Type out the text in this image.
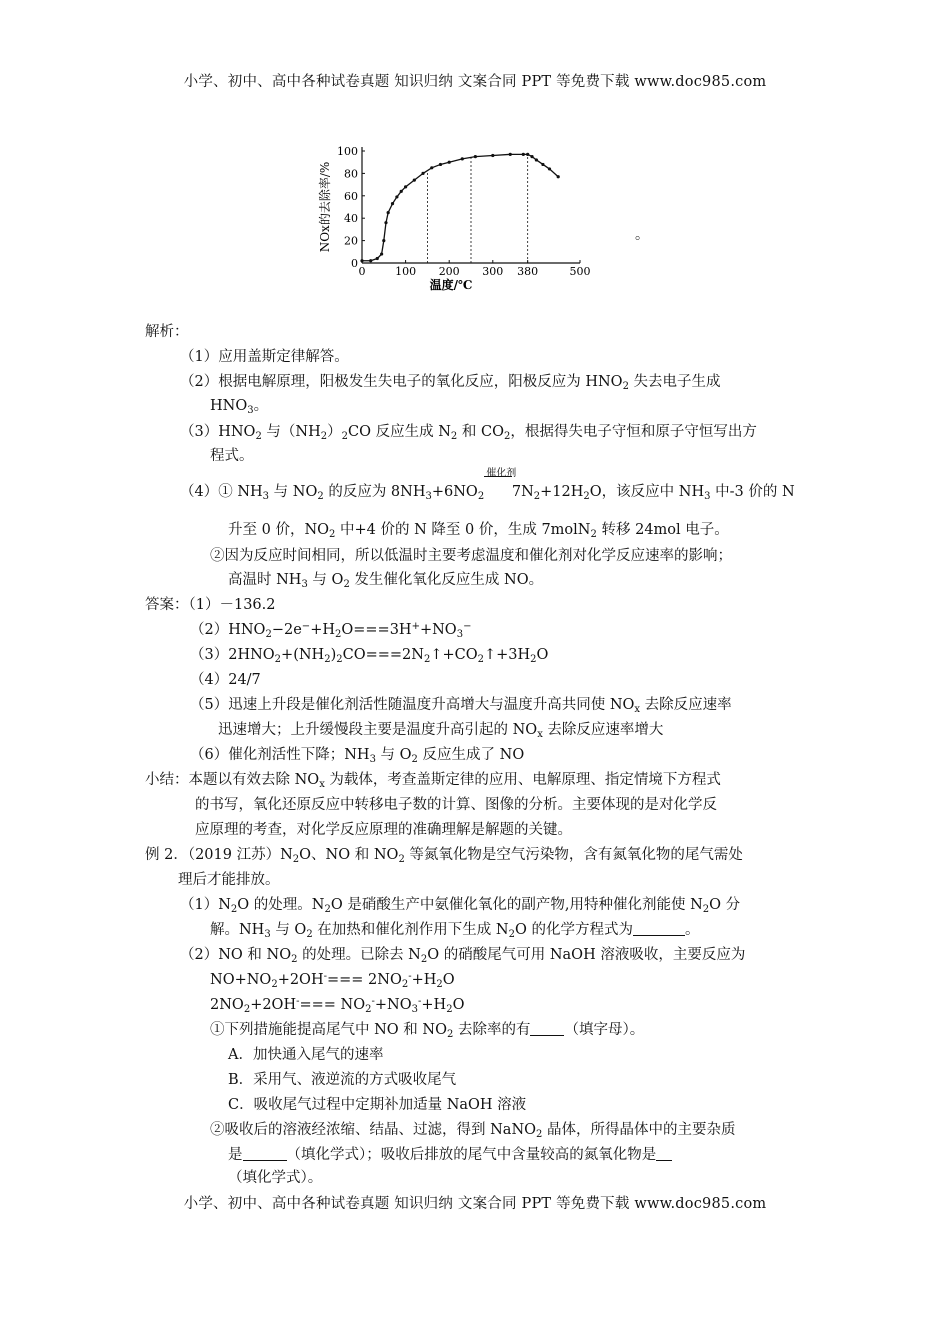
小学、初中、高中各种试卷真题 知识归纳 文案合同 PPT 等免费下载 www.doc985.com
0	100 200 300 380	500
0
20
40
60
80
100
温度/℃
NOx的去除率/%	。
解析：
（1）应用盖斯定律解答。
（2）根据电解原理，阳极发生失电子的氧化反应，阳极反应为 $HNO_2$ 失去电子生成
$HNO_3$。
$(3)HNO_2$ 与$(NH_2)_2CO$ 反应生成 $N_2$ 和 $CO_2$，根据得失电子守恒和原子守恒写出方
程式。
（4）① $NH_3$ 与 $NO_2$ 的反应为 $8NH_3+6NO_2$
催化剂
$7N_2+12H_2O$，该反应中 $NH_3$ 中-3 价的 N
升至 0 价，$NO_2$ 中+4 价的 N 降至 0 价，生成 7molN$_2$ 转移 24mol 电子。
②因为反应时间相同，所以低温时主要考虑温度和催化剂对化学反应速率的影响；
高温时 $NH_3$ 与 $O_2$ 发生催化氧化反应生成 NO。
答案：（1）－136.2
$(2)HNO_2-2e^-+H_2O===3H^++NO_3^-$
$(3)2HNO_2+(NH_2)_2CO===2N_2↑+CO_2↑+3H_2O$
（4）24/7
（5）迅速上升段是催化剂活性随温度升高增大与温度升高共同使 $NO_x$ 去除反应速率
迅速增大；上升缓慢段主要是温度升高引起的 $NO_x$ 去除反应速率增大
（6）催化剂活性下降；$NH_3$ 与 $O_2$ 反应生成了 NO
小结：本题以有效去除 $NO_x$ 为载体，考查盖斯定律的应用、电解原理、指定情境下方程式
的书写，氧化还原反应中转移电子数的计算、图像的分析。主要体现的是对化学反
应原理的考查，对化学反应原理的准确理解是解题的关键。
例 2．（2019 江苏）$N_2O$、NO 和 $NO_2$ 等氮氧化物是空气污染物，含有氮氧化物的尾气需处
理后才能排放。
$(1)N_2O$ 的处理。$N_2O$ 是硝酸生产中氨催化氧化的副产物,用特种催化剂能使 $N_2O$ 分
解。$NH_3$ 与 $O_2$ 在加热和催化剂作用下生成 $N_2O$ 的化学方程式为	。
（2）NO 和 $NO_2$ 的处理。已除去 $N_2O$ 的硝酸尾气可用 NaOH 溶液吸收，主要反应为
$NO+NO_2+2OH^-=== 2NO_2^-+H_2O$
$2NO_2+2OH^-=== NO_2^-+NO_3^-+H_2O$
①下列措施能提高尾气中 NO 和 $NO_2$ 去除率的有 （填字母）。
A．加快通入尾气的速率
B．采用气、液逆流的方式吸收尾气
C．吸收尾气过程中定期补加适量 NaOH 溶液
②吸收后的溶液经浓缩、结晶、过滤，得到 NaNO$_2$ 晶体，所得晶体中的主要杂质
是	（填化学式）；吸收后排放的尾气中含量较高的氮氧化物是
（填化学式）。
小学、初中、高中各种试卷真题 知识归纳 文案合同 PPT 等免费下载 www.doc985.com
